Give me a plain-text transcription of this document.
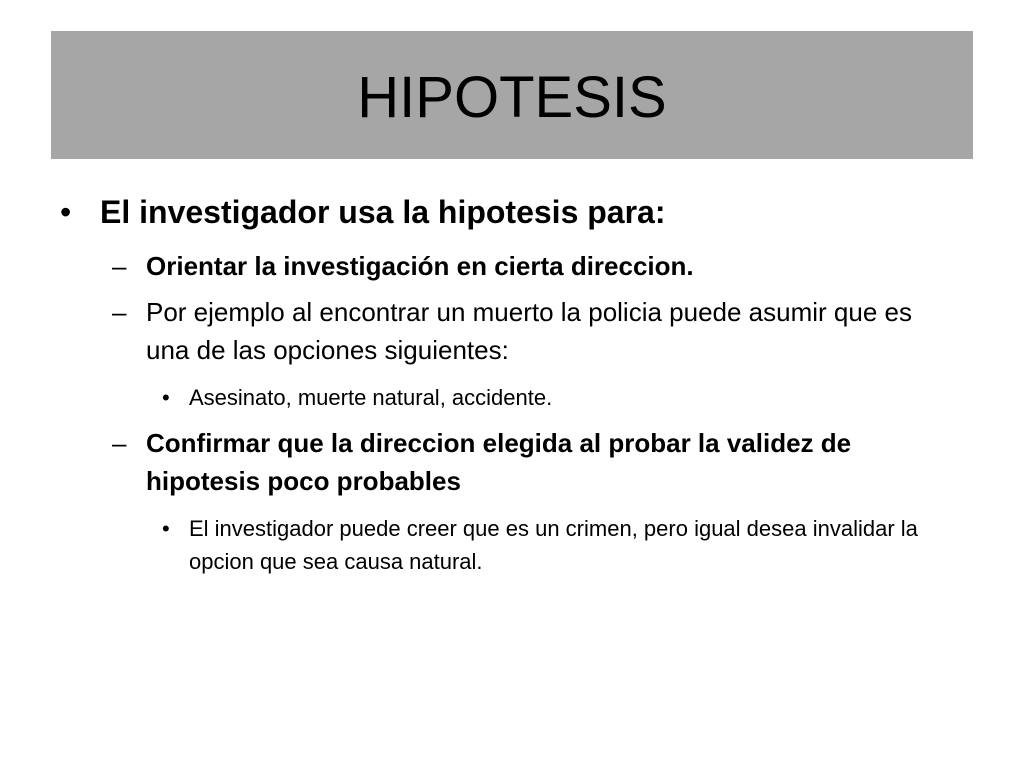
HIPOTESIS
• El investigador usa la hipotesis para:
– Orientar la investigación en cierta direccion.
– Por ejemplo al encontrar un muerto la policia puede asumir que es una de las opciones siguientes:
• Asesinato, muerte natural, accidente.
– Confirmar que la direccion elegida al probar la validez de hipotesis poco probables
• El investigador puede creer que es un crimen, pero igual desea invalidar la opcion que sea causa natural.
